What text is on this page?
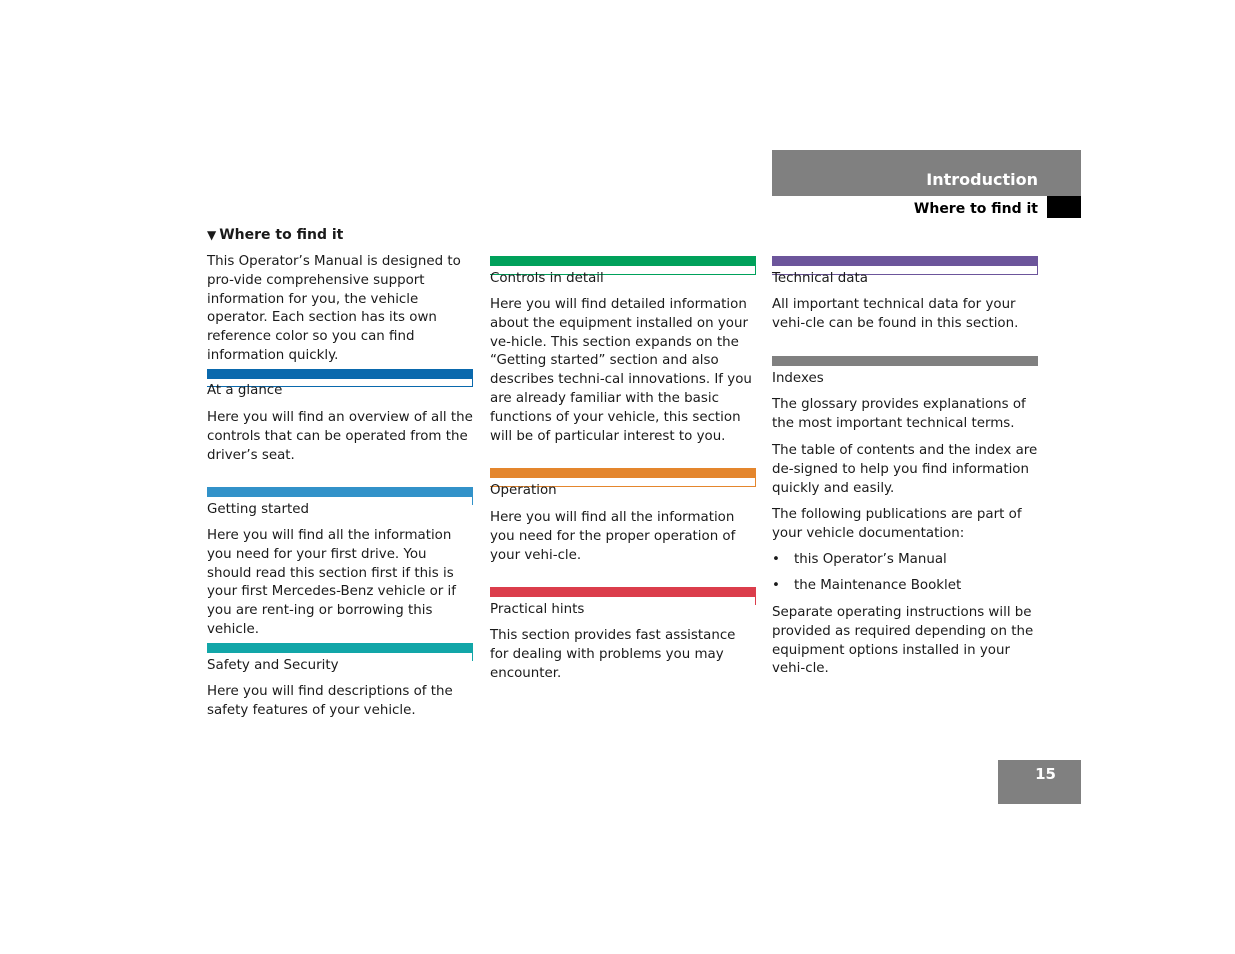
Introduction
Where to find it
▼ Where to find it

This Operator’s Manual is designed to pro-vide comprehensive support information for you, the vehicle operator. Each section has its own reference color so you can find information quickly.

At a glance

Here you will find an overview of all the controls that can be operated from the driver’s seat.

Getting started

Here you will find all the information you need for your first drive. You should read this section first if this is your first Mercedes-Benz vehicle or if you are rent-ing or borrowing this vehicle.

Safety and Security

Here you will find descriptions of the safety features of your vehicle.

Controls in detail

Here you will find detailed information about the equipment installed on your ve-hicle. This section expands on the “Getting started” section and also describes techni-cal innovations. If you are already familiar with the basic functions of your vehicle, this section will be of particular interest to you.

Operation

Here you will find all the information you need for the proper operation of your vehi-cle.

Practical hints

This section provides fast assistance for dealing with problems you may encounter.

Technical data

All important technical data for your vehi-cle can be found in this section.

Indexes

The glossary provides explanations of the most important technical terms.

The table of contents and the index are de-signed to help you find information quickly and easily.

The following publications are part of your vehicle documentation:

• this Operator’s Manual
• the Maintenance Booklet

Separate operating instructions will be provided as required depending on the equipment options installed in your vehi-cle.

15
